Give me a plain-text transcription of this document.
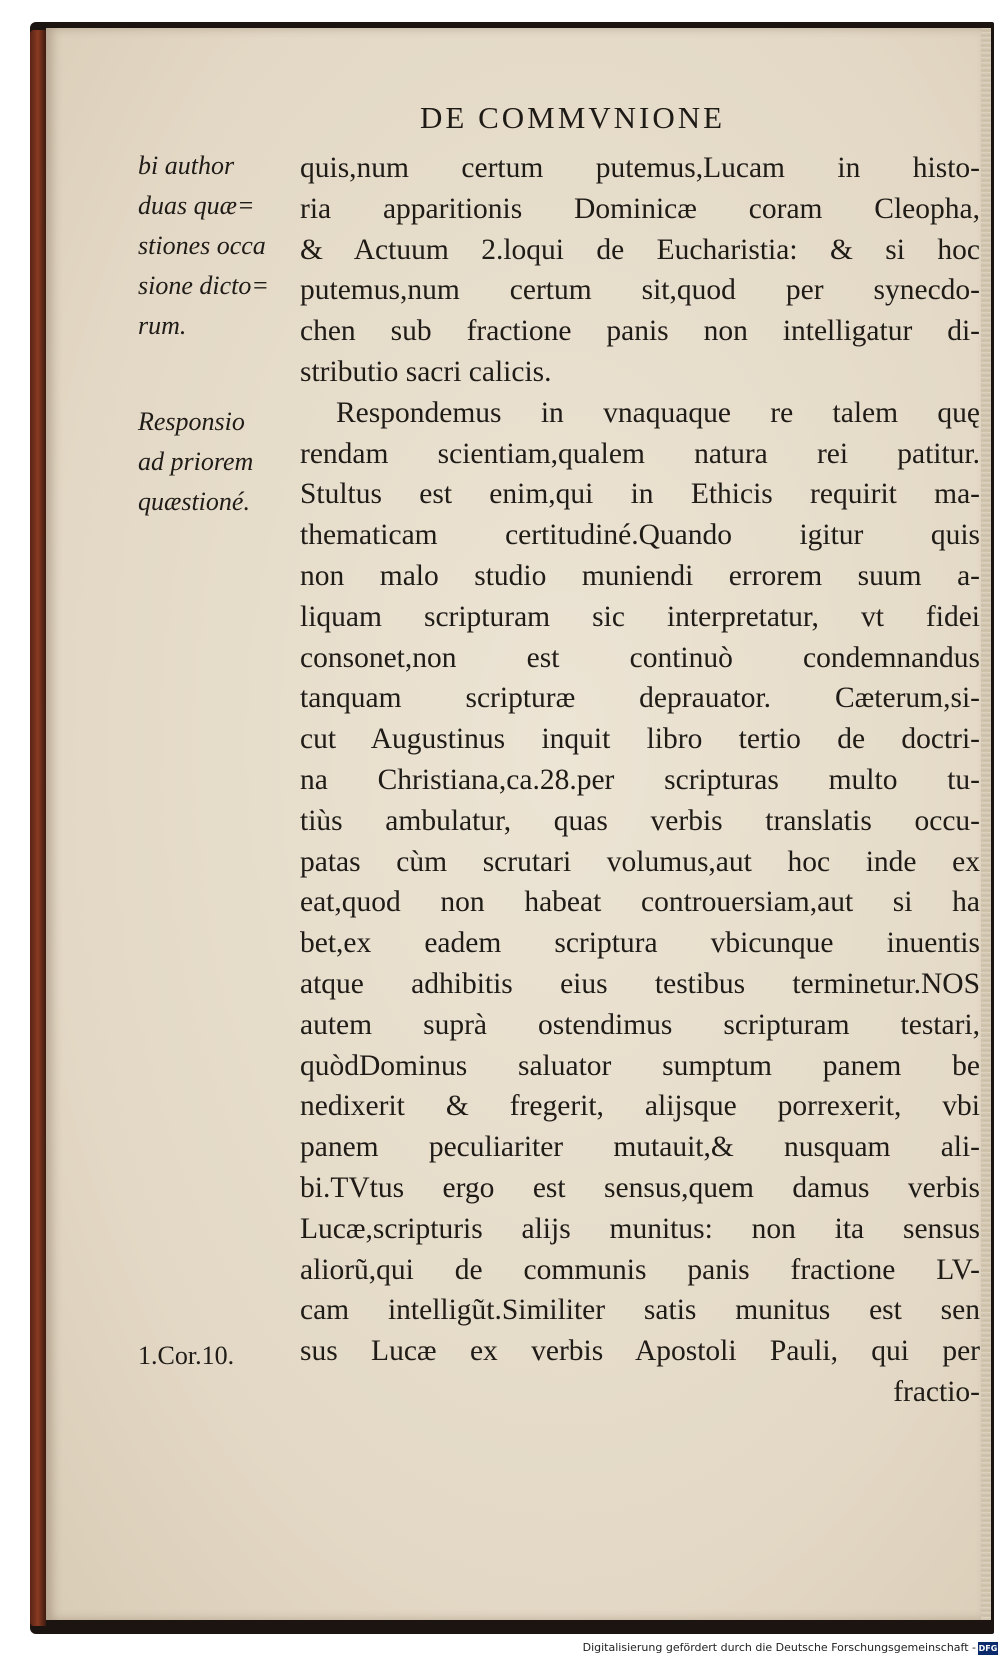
DE COMMVNIONE
quis,num certum putemus,Lucam in histo-
ria apparitionis Dominicæ coram Cleopha,
& Actuum 2.loqui de Eucharistia: & si hoc
putemus,num certum sit,quod per synecdo-
chen sub fractione panis non intelligatur di-
stributio sacri calicis.
Respondemus in vnaquaque re talem quę
rendam scientiam,qualem natura rei patitur.
Stultus est enim,qui in Ethicis requirit ma-
thematicam certitudiné.Quando igitur quis
non malo studio muniendi errorem suum a-
liquam scripturam sic interpretatur, vt fidei
consonet,non est continuò condemnandus
tanquam scripturæ deprauator. Cæterum,si-
cut Augustinus inquit libro tertio de doctri-
na Christiana,ca.28.per scripturas multo tu-
tiùs ambulatur, quas verbis translatis occu-
patas cùm scrutari volumus,aut hoc inde ex
eat,quod non habeat controuersiam,aut si ha
bet,ex eadem scriptura vbicunque inuentis
atque adhibitis eius testibus terminetur.NOS
autem suprà ostendimus scripturam testari,
quòdDominus saluator sumptum panem be
nedixerit & fregerit, alijsque porrexerit, vbi
panem peculiariter mutauit,& nusquam ali-
bi.TVtus ergo est sensus,quem damus verbis
Lucæ,scripturis alijs munitus: non ita sensus
aliorũ,qui de communis panis fractione LV-
cam intelligũt.Similiter satis munitus est sen
sus Lucæ ex verbis Apostoli Pauli, qui per
fractio-
bi author
duas quæ=
stiones occa
sione dicto=
rum.
Responsio
ad priorem
quæstioné.
1.Cor.10.
Digitalisierung gefördert durch die Deutsche Forschungsgemeinschaft - DFG
